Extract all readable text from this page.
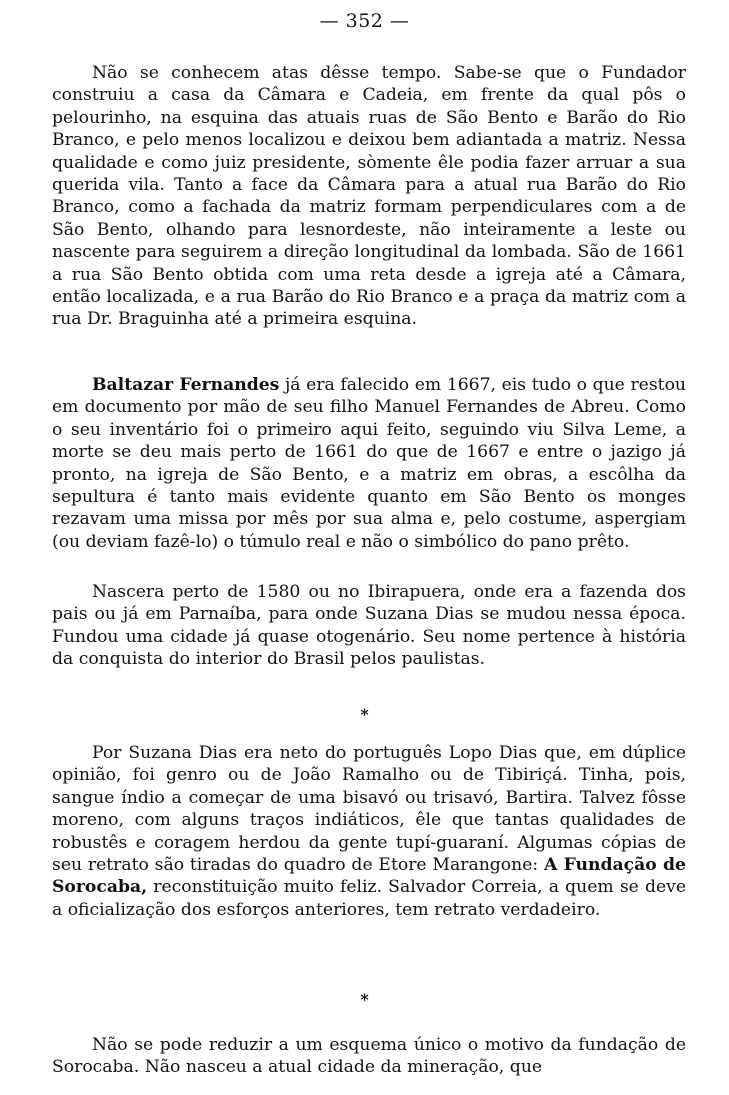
— 352 —

Não se conhecem atas dêsse tempo. Sabe-se que o Fundador construiu a casa da Câmara e Cadeia, em frente da qual pôs o pelourinho, na esquina das atuais ruas de São Bento e Barão do Rio Branco, e pelo menos localizou e deixou bem adiantada a matriz. Nessa qualidade e como juiz presidente, sòmente êle podia fazer arruar a sua querida vila. Tanto a face da Câmara para a atual rua Barão do Rio Branco, como a fachada da matriz formam perpendiculares com a de São Bento, olhando para lesnordeste, não inteiramente a leste ou nascente para seguirem a direção longitudinal da lombada. São de 1661 a rua São Bento obtida com uma reta desde a igreja até a Câmara, então localizada, e a rua Barão do Rio Branco e a praça da matriz com a rua Dr. Braguinha até a primeira esquina.

Baltazar Fernandes já era falecido em 1667, eis tudo o que restou em documento por mão de seu filho Manuel Fernandes de Abreu. Como o seu inventário foi o primeiro aqui feito, seguindo viu Silva Leme, a morte se deu mais perto de 1661 do que de 1667 e entre o jazigo já pronto, na igreja de São Bento, e a matriz em obras, a escôlha da sepultura é tanto mais evidente quanto em São Bento os monges rezavam uma missa por mês por sua alma e, pelo costume, aspergiam (ou deviam fazê-lo) o túmulo real e não o simbólico do pano prêto.

Nascera perto de 1580 ou no Ibirapuera, onde era a fazenda dos pais ou já em Parnaíba, para onde Suzana Dias se mudou nessa época. Fundou uma cidade já quase otogenário. Seu nome pertence à história da conquista do interior do Brasil pelos paulistas.

*

Por Suzana Dias era neto do português Lopo Dias que, em dúplice opinião, foi genro ou de João Ramalho ou de Tibiriçá. Tinha, pois, sangue índio a começar de uma bisavó ou trisavó, Bartira. Talvez fôsse moreno, com alguns traços indiáticos, êle que tantas qualidades de robustês e coragem herdou da gente tupí-guaraní. Algumas cópias de seu retrato são tiradas do quadro de Etore Marangone: A Fundação de Sorocaba, reconstituição muito feliz. Salvador Correia, a quem se deve a oficialização dos esforços anteriores, tem retrato verdadeiro.

*

Não se pode reduzir a um esquema único o motivo da fundação de Sorocaba. Não nasceu a atual cidade da mineração, que
